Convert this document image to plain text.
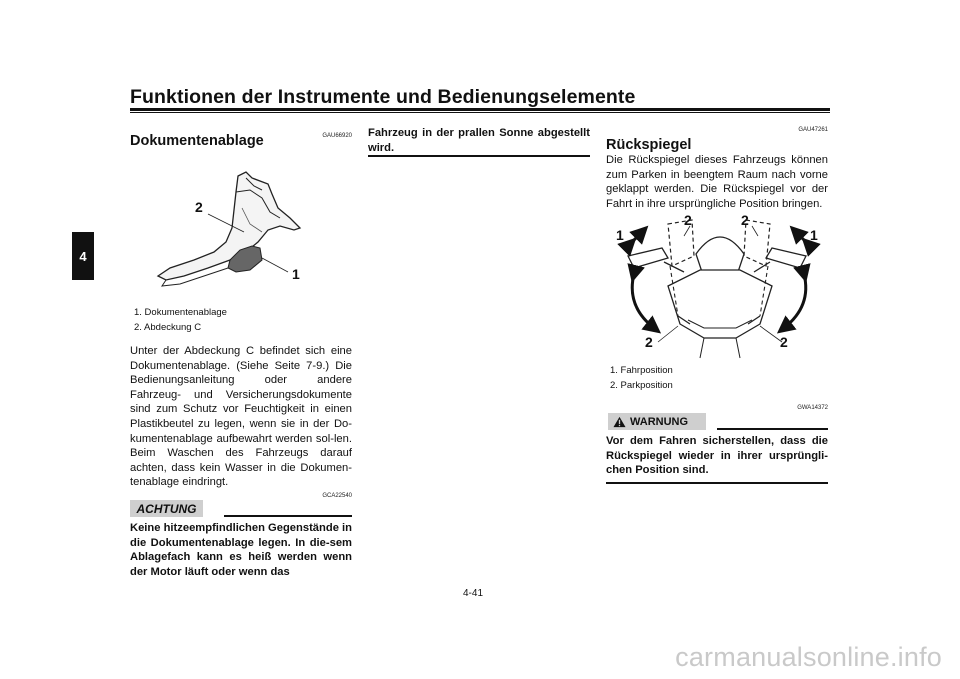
Funktionen der Instrumente und Bedienungselemente
4
GAU66920
Dokumentenablage
2
1
1. Dokumentenablage
2. Abdeckung C
Unter der Abdeckung C befindet sich eine Dokumentenablage. (Siehe Seite 7-9.) Die Bedienungsanleitung oder andere Fahrzeug- und Versicherungsdokumente sind zum Schutz vor Feuchtigkeit in einen Plastikbeutel zu legen, wenn sie in der Do-kumentenablage aufbewahrt werden sol-len. Beim Waschen des Fahrzeugs darauf achten, dass kein Wasser in die Dokumen-tenablage eindringt.
GCA22540
ACHTUNG
Keine hitzeempfindlichen Gegenstände in die Dokumentenablage legen. In die-sem Ablagefach kann es heiß werden wenn der Motor läuft oder wenn das
Fahrzeug in der prallen Sonne abgestellt wird.
GAU47261
Rückspiegel
Die Rückspiegel dieses Fahrzeugs können zum Parken in beengtem Raum nach vorne geklappt werden. Die Rückspiegel vor der Fahrt in ihre ursprüngliche Position bringen.
1	1
2	2
2	2
1. Fahrposition
2. Parkposition
GWA14372
WARNUNG
Vor dem Fahren sicherstellen, dass die Rückspiegel wieder in ihrer ursprüngli-chen Position sind.
4-41
carmanualsonline.info
